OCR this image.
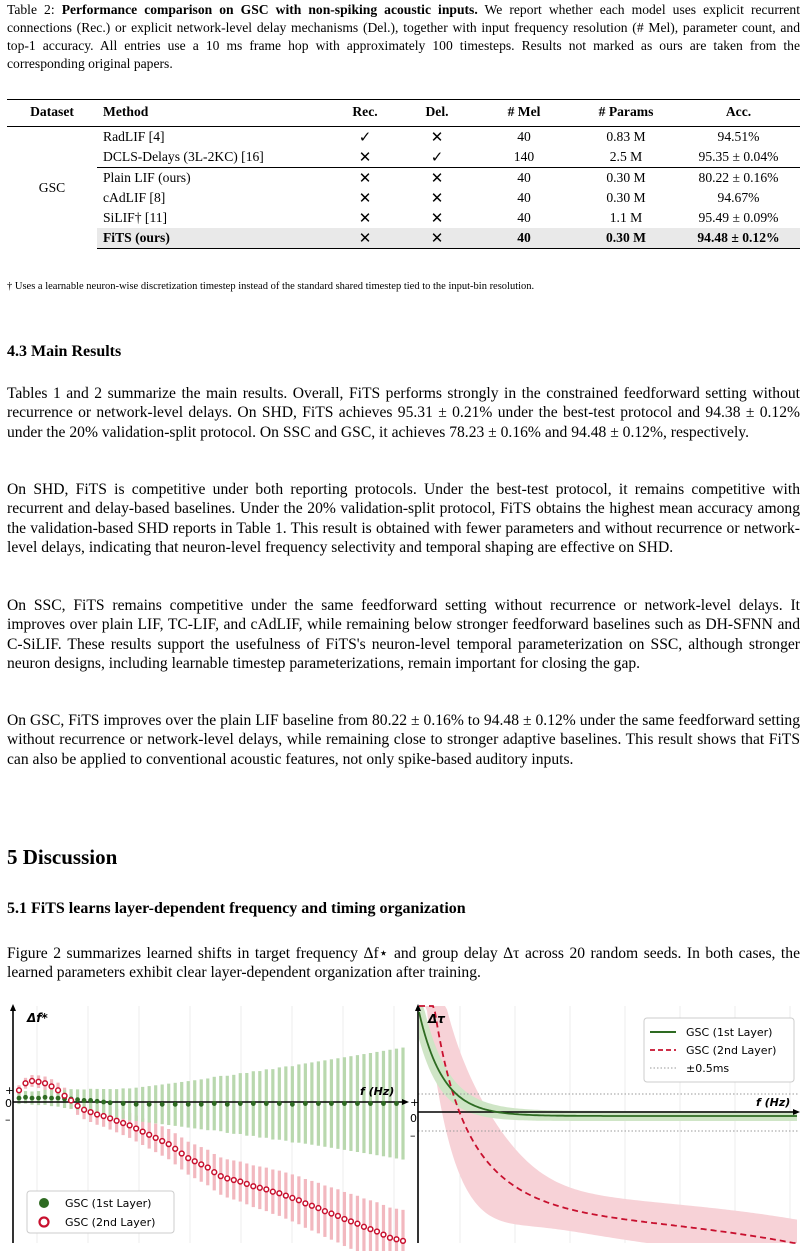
Table 2: Performance comparison on GSC with non-spiking acoustic inputs. We report whether each model uses explicit recurrent connections (Rec.) or explicit network-level delay mechanisms (Del.), together with input frequency resolution (# Mel), parameter count, and top-1 accuracy. All entries use a 10 ms frame hop with approximately 100 timesteps. Results not marked as ours are taken from the corresponding original papers.
Dataset	Method	Rec.	Del.	# Mel	# Params	Acc.
GSC	RadLIF [4]	✓	✕	40	0.83 M	94.51%
	DCLS-Delays (3L-2KC) [16]	✕	✓	140	2.5 M	95.35 ± 0.04%
	Plain LIF (ours)	✕	✕	40	0.30 M	80.22 ± 0.16%
	cAdLIF [8]	✕	✕	40	0.30 M	94.67%
	SiLIF† [11]	✕	✕	40	1.1 M	95.49 ± 0.09%
	FiTS (ours)	✕	✕	40	0.30 M	94.48 ± 0.12%
† Uses a learnable neuron-wise discretization timestep instead of the standard shared timestep tied to the input-bin resolution.
4.3 Main Results

Tables 1 and 2 summarize the main results. Overall, FiTS performs strongly in the constrained feedforward setting without recurrence or network-level delays. On SHD, FiTS achieves 95.31 ± 0.21% under the best-test protocol and 94.38 ± 0.12% under the 20% validation-split protocol. On SSC and GSC, it achieves 78.23 ± 0.16% and 94.48 ± 0.12%, respectively.

On SHD, FiTS is competitive under both reporting protocols. Under the best-test protocol, it remains competitive with recurrent and delay-based baselines. Under the 20% validation-split protocol, FiTS obtains the highest mean accuracy among the validation-based SHD reports in Table 1. This result is obtained with fewer parameters and without recurrence or network-level delays, indicating that neuron-level frequency selectivity and temporal shaping are effective on SHD.

On SSC, FiTS remains competitive under the same feedforward setting without recurrence or network-level delays. It improves over plain LIF, TC-LIF, and cAdLIF, while remaining below stronger feedforward baselines such as DH-SFNN and C-SiLIF. These results support the usefulness of FiTS's neuron-level temporal parameterization on SSC, although stronger neuron designs, including learnable timestep parameterizations, remain important for closing the gap.

On GSC, FiTS improves over the plain LIF baseline from 80.22 ± 0.16% to 94.48 ± 0.12% under the same feedforward setting without recurrence or network-level delays, while remaining close to stronger adaptive baselines. This result shows that FiTS can also be applied to conventional acoustic features, not only spike-based auditory inputs.

5 Discussion
5.1 FiTS learns layer-dependent frequency and timing organization

Figure 2 summarizes learned shifts in target frequency Δf⋆ and group delay Δτ across 20 random seeds. In both cases, the learned parameters exhibit clear layer-dependent organization after training.

Δf*
f (Hz)
+
0
–
GSC (1st Layer)
GSC (2nd Layer)
Δτ
f (Hz)
+
0
–
GSC (1st Layer)
GSC (2nd Layer)
±0.5ms
